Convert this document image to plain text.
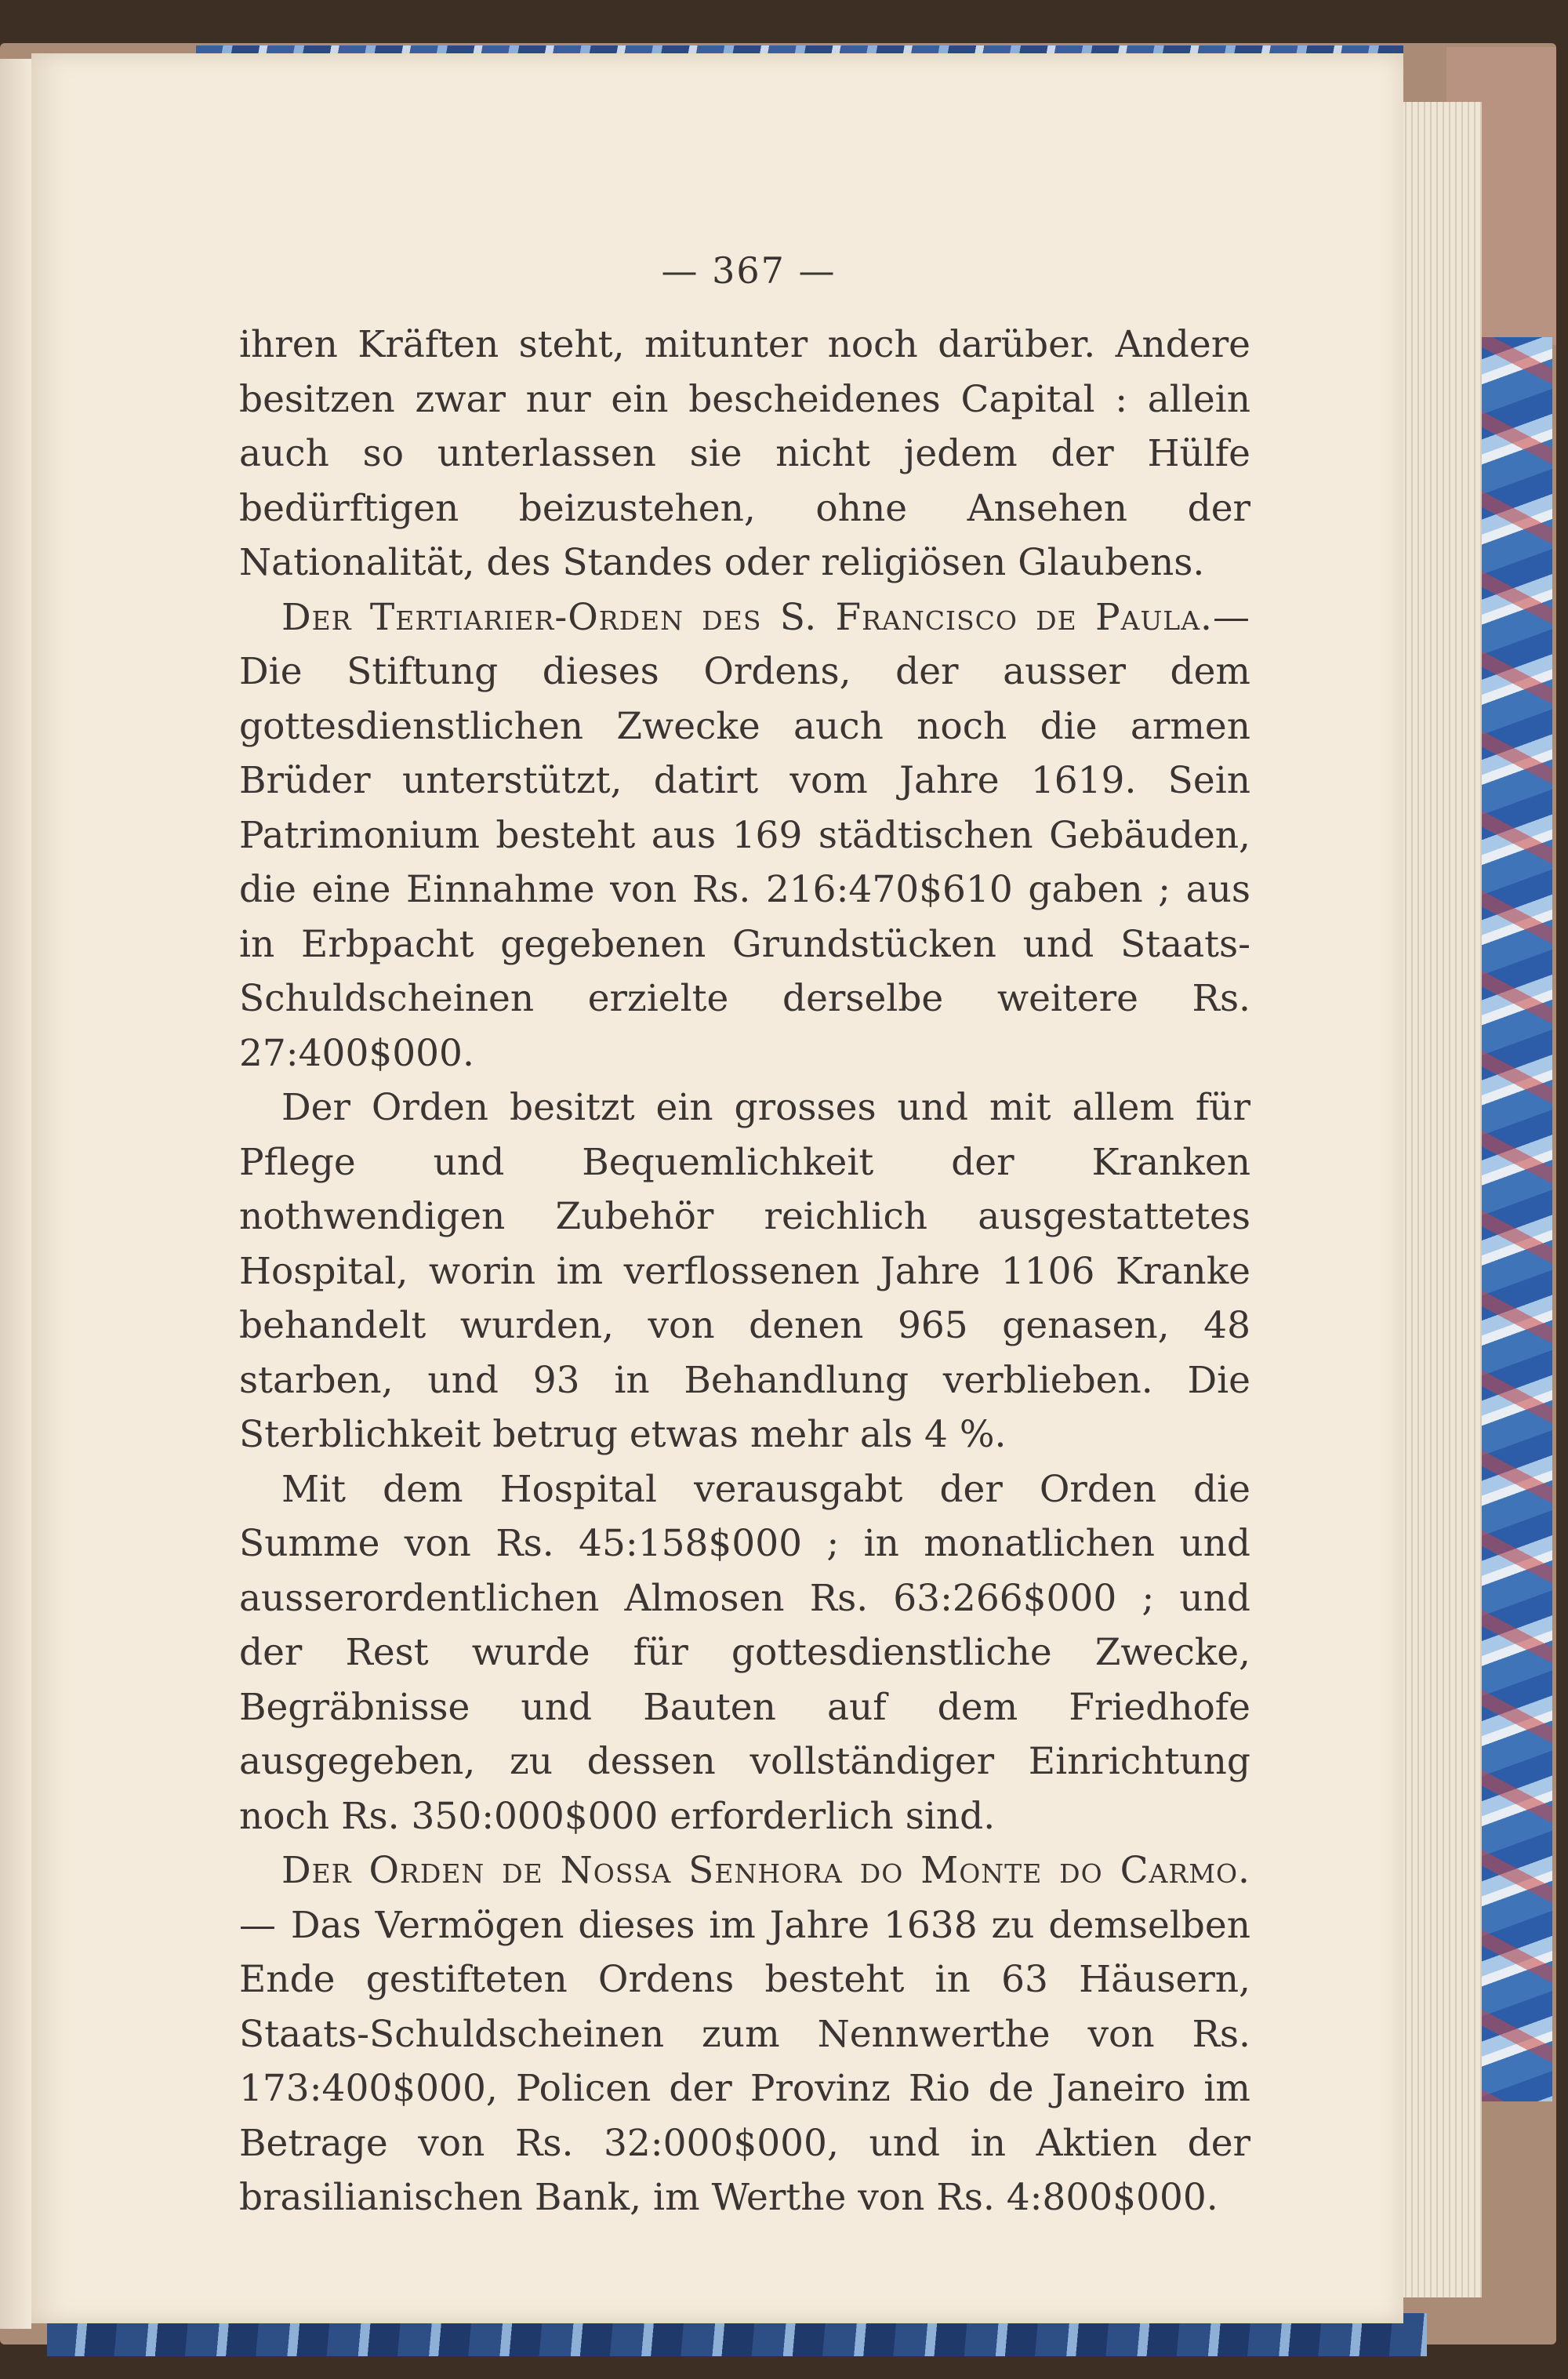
— 367 —

ihren Kräften steht, mitunter noch darüber. Andere besitzen zwar nur ein bescheidenes Capital : allein auch so unterlassen sie nicht jedem der Hülfe bedürftigen beizustehen, ohne Ansehen der Nationalität, des Standes oder religiösen Glaubens.

Der Tertiarier-Orden des S. Francisco de Paula.— Die Stiftung dieses Ordens, der ausser dem gottesdienstlichen Zwecke auch noch die armen Brüder unterstützt, datirt vom Jahre 1619. Sein Patrimonium besteht aus 169 städtischen Gebäuden, die eine Einnahme von Rs. 216:470$610 gaben ; aus in Erbpacht gegebenen Grundstücken und Staats-Schuldscheinen erzielte derselbe weitere Rs. 27:400$000.

Der Orden besitzt ein grosses und mit allem für Pflege und Bequemlichkeit der Kranken nothwendigen Zubehör reichlich ausgestattetes Hospital, worin im verflossenen Jahre 1106 Kranke behandelt wurden, von denen 965 genasen, 48 starben, und 93 in Behandlung verblieben. Die Sterblichkeit betrug etwas mehr als 4 %.

Mit dem Hospital verausgabt der Orden die Summe von Rs. 45:158$000 ; in monatlichen und ausserordentlichen Almosen Rs. 63:266$000 ; und der Rest wurde für gottesdienstliche Zwecke, Begräbnisse und Bauten auf dem Friedhofe ausgegeben, zu dessen vollständiger Einrichtung noch Rs. 350:000$000 erforderlich sind.

Der Orden de Nossa Senhora do Monte do Carmo.— Das Vermögen dieses im Jahre 1638 zu demselben Ende gestifteten Ordens besteht in 63 Häusern, Staats-Schuldscheinen zum Nennwerthe von Rs. 173:400$000, Policen der Provinz Rio de Janeiro im Betrage von Rs. 32:000$000, und in Aktien der brasilianischen Bank, im Werthe von Rs. 4:800$000.
